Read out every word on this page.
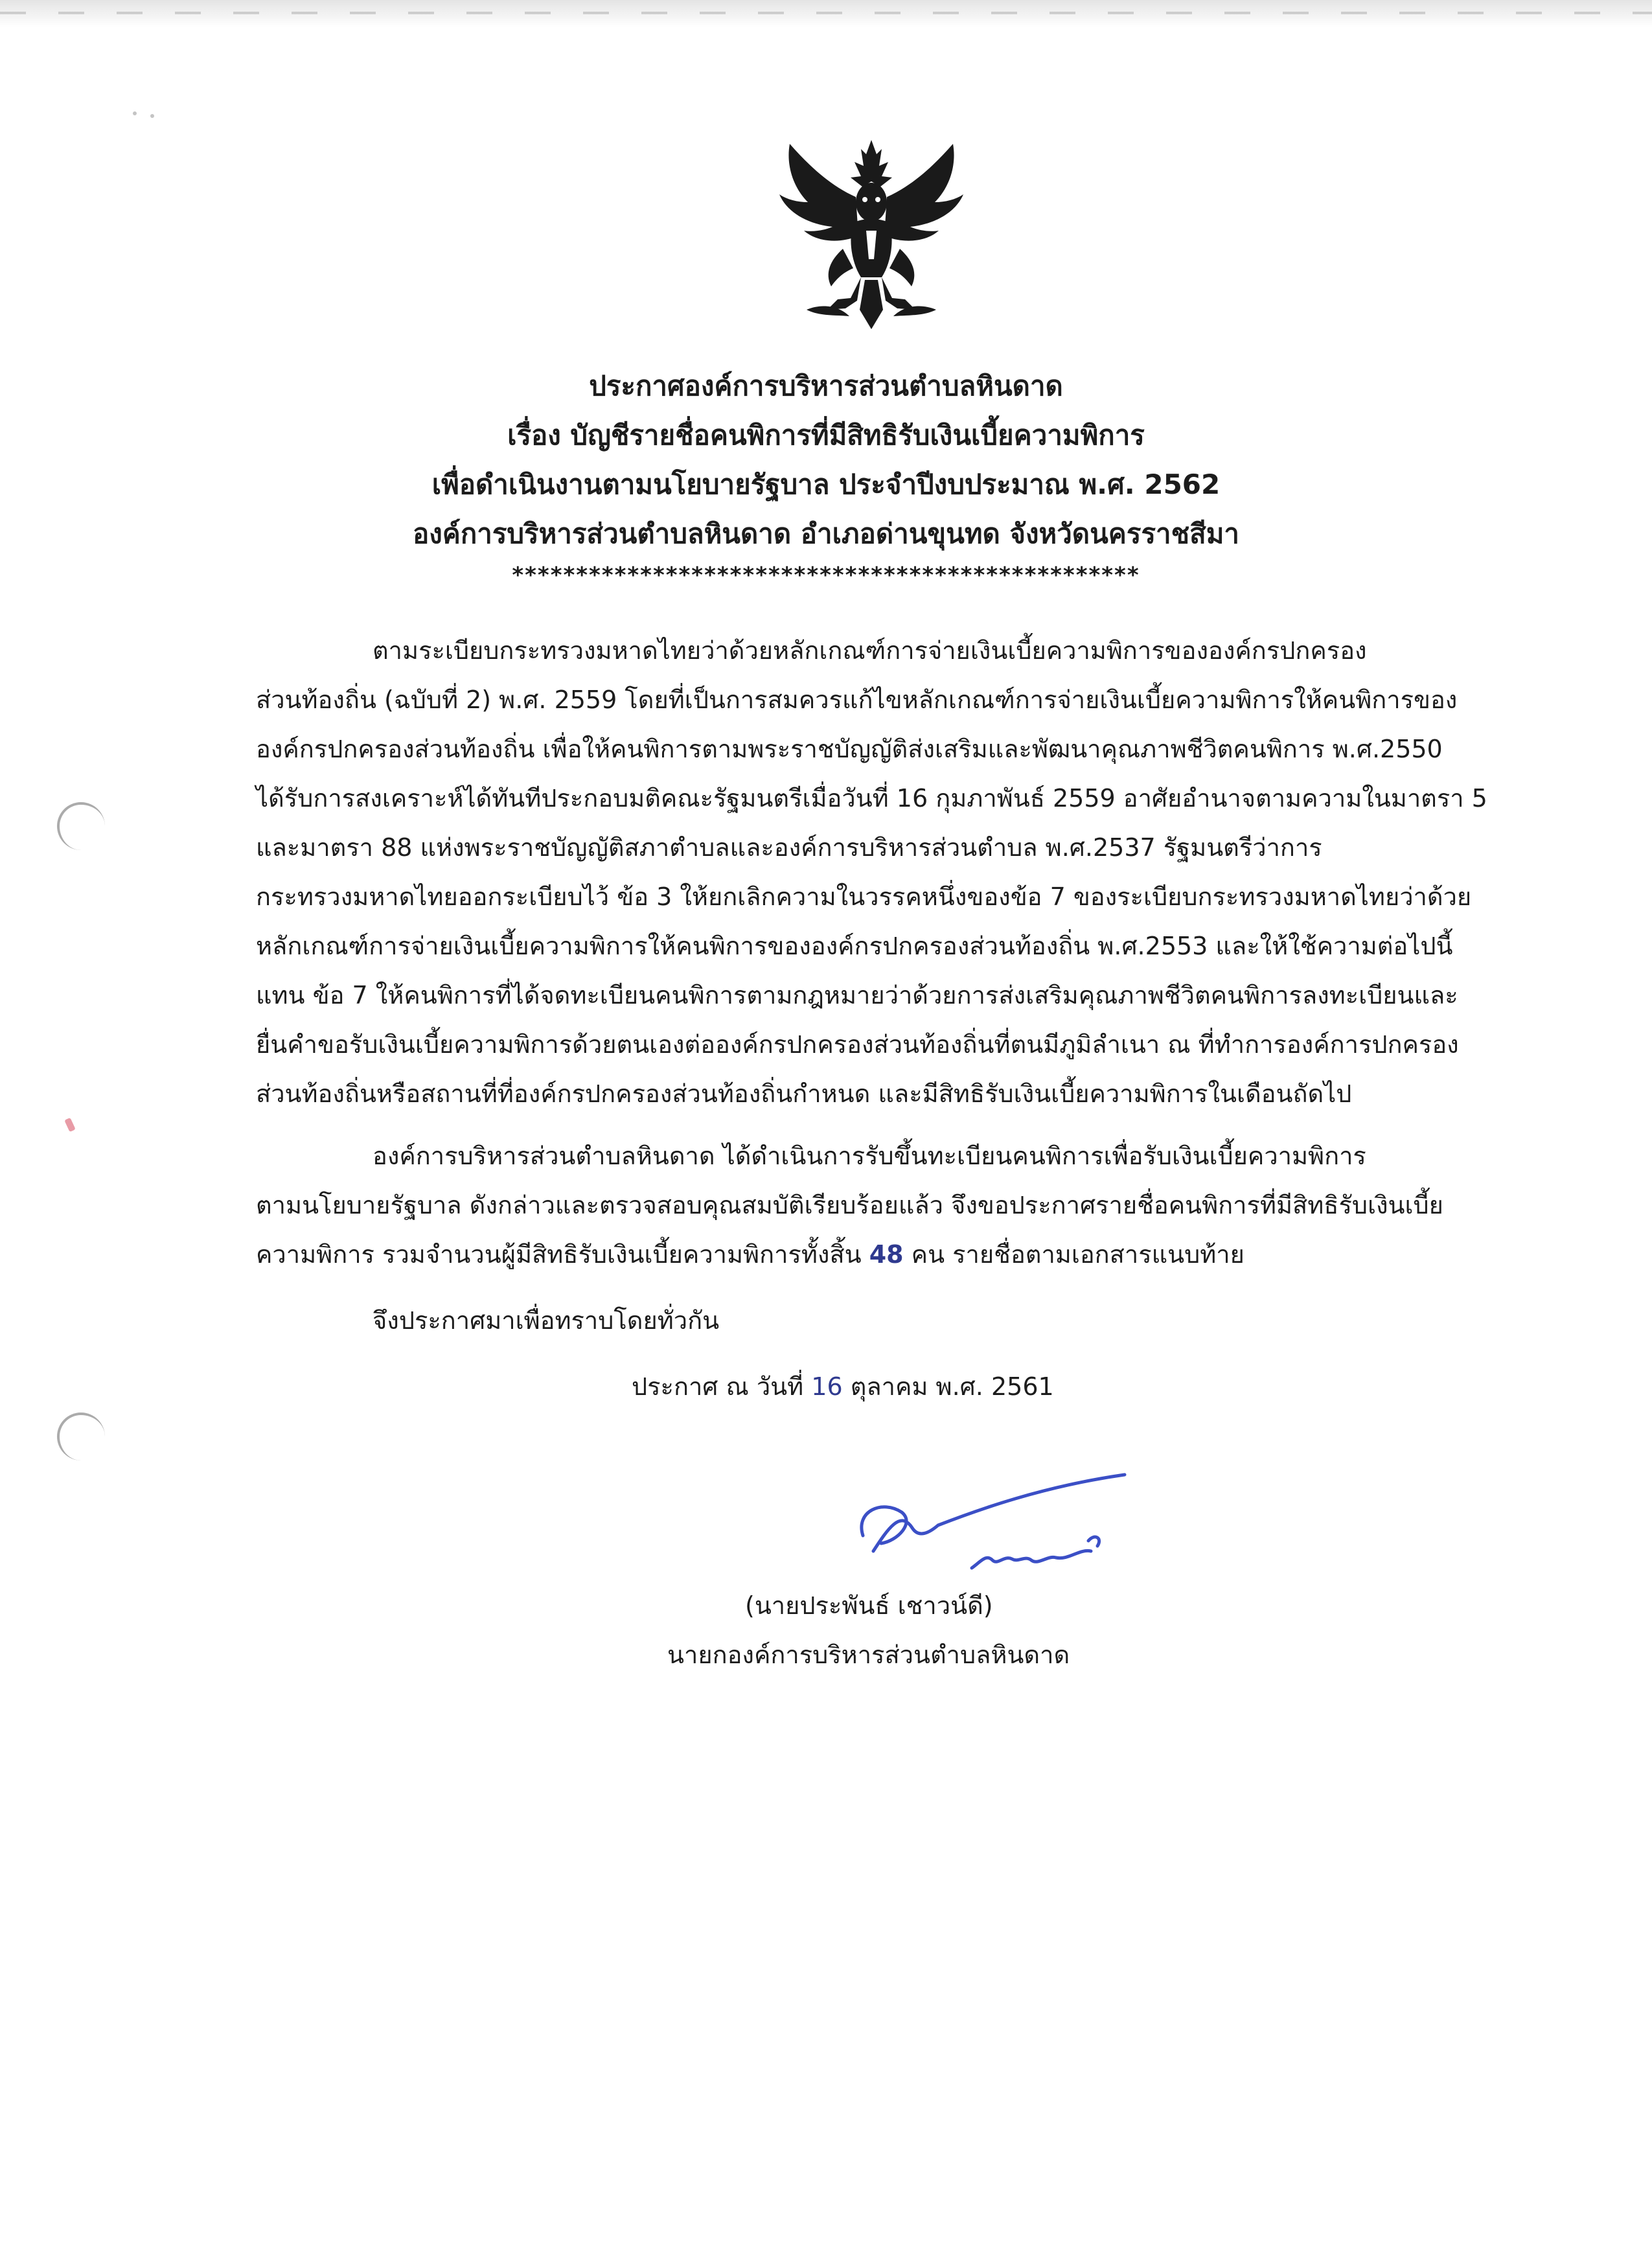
ประกาศองค์การบริหารส่วนตำบลหินดาด
เรื่อง บัญชีรายชื่อคนพิการที่มีสิทธิรับเงินเบี้ยความพิการ
เพื่อดำเนินงานตามนโยบายรัฐบาล ประจำปีงบประมาณ พ.ศ. 2562
องค์การบริหารส่วนตำบลหินดาด อำเภอด่านขุนทด จังหวัดนครราชสีมา
*************************************************
ตามระเบียบกระทรวงมหาดไทยว่าด้วยหลักเกณฑ์การจ่ายเงินเบี้ยความพิการขององค์กรปกครอง
ส่วนท้องถิ่น (ฉบับที่ 2) พ.ศ. 2559 โดยที่เป็นการสมควรแก้ไขหลักเกณฑ์การจ่ายเงินเบี้ยความพิการให้คนพิการของ
องค์กรปกครองส่วนท้องถิ่น เพื่อให้คนพิการตามพระราชบัญญัติส่งเสริมและพัฒนาคุณภาพชีวิตคนพิการ พ.ศ.2550
ได้รับการสงเคราะห์ได้ทันทีประกอบมติคณะรัฐมนตรีเมื่อวันที่ 16 กุมภาพันธ์ 2559 อาศัยอำนาจตามความในมาตรา 5
และมาตรา 88 แห่งพระราชบัญญัติสภาตำบลและองค์การบริหารส่วนตำบล พ.ศ.2537 รัฐมนตรีว่าการ
กระทรวงมหาดไทยออกระเบียบไว้ ข้อ 3 ให้ยกเลิกความในวรรคหนึ่งของข้อ 7 ของระเบียบกระทรวงมหาดไทยว่าด้วย
หลักเกณฑ์การจ่ายเงินเบี้ยความพิการให้คนพิการขององค์กรปกครองส่วนท้องถิ่น พ.ศ.2553 และให้ใช้ความต่อไปนี้
แทน ข้อ 7 ให้คนพิการที่ได้จดทะเบียนคนพิการตามกฎหมายว่าด้วยการส่งเสริมคุณภาพชีวิตคนพิการลงทะเบียนและ
ยื่นคำขอรับเงินเบี้ยความพิการด้วยตนเองต่อองค์กรปกครองส่วนท้องถิ่นที่ตนมีภูมิลำเนา ณ ที่ทำการองค์การปกครอง
ส่วนท้องถิ่นหรือสถานที่ที่องค์กรปกครองส่วนท้องถิ่นกำหนด และมีสิทธิรับเงินเบี้ยความพิการในเดือนถัดไป
องค์การบริหารส่วนตำบลหินดาด ได้ดำเนินการรับขึ้นทะเบียนคนพิการเพื่อรับเงินเบี้ยความพิการ
ตามนโยบายรัฐบาล ดังกล่าวและตรวจสอบคุณสมบัติเรียบร้อยแล้ว จึงขอประกาศรายชื่อคนพิการที่มีสิทธิรับเงินเบี้ย
ความพิการ รวมจำนวนผู้มีสิทธิรับเงินเบี้ยความพิการทั้งสิ้น 48 คน รายชื่อตามเอกสารแนบท้าย
จึงประกาศมาเพื่อทราบโดยทั่วกัน
ประกาศ ณ วันที่ 16 ตุลาคม พ.ศ. 2561
(นายประพันธ์ เชาวน์ดี)
นายกองค์การบริหารส่วนตำบลหินดาด
